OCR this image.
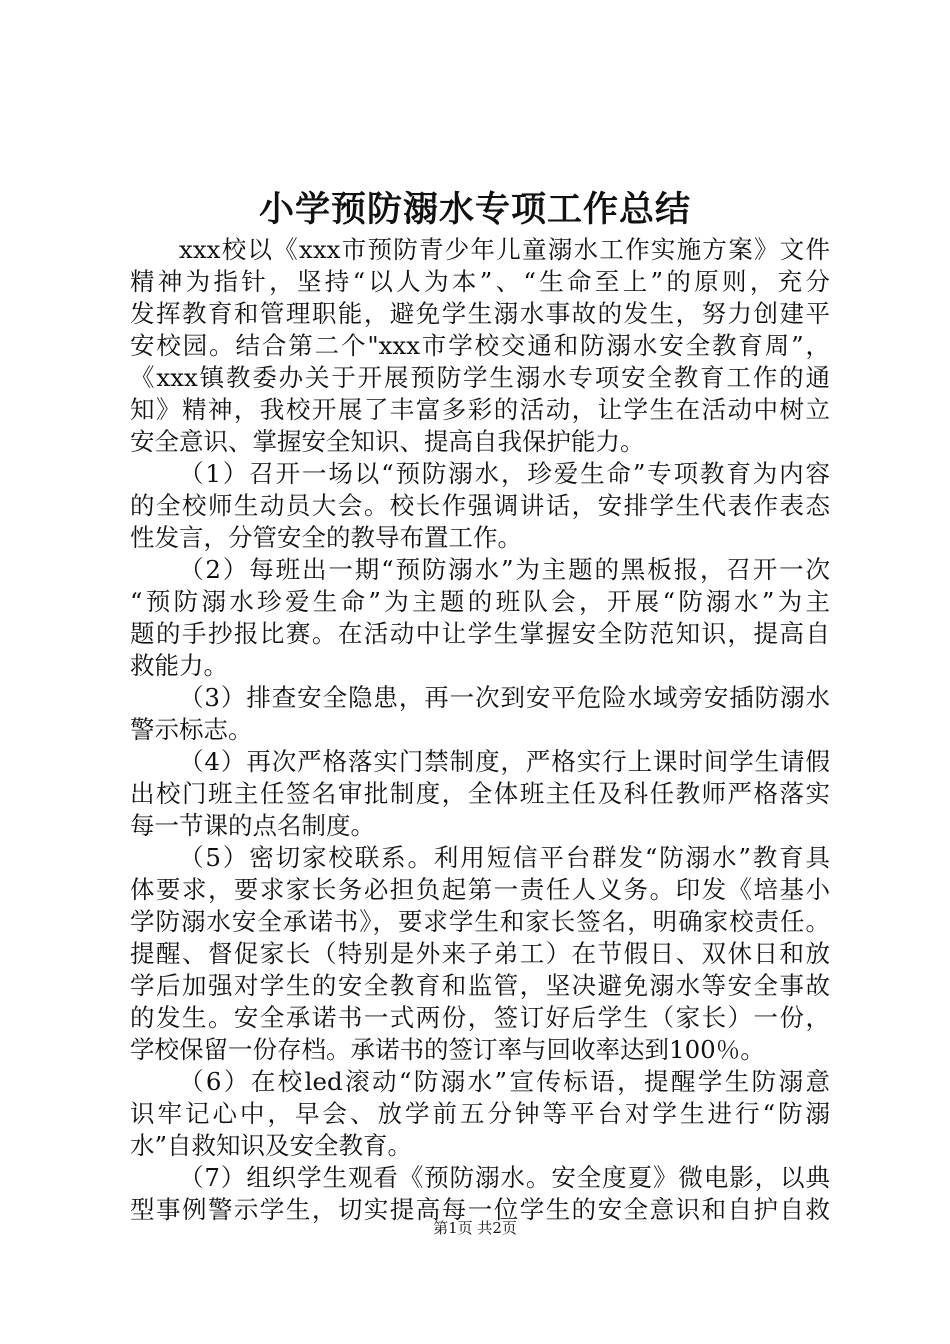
小学预防溺水专项工作总结
xxx校以《xxx市预防青少年儿童溺水工作实施方案》文件
精神为指针，坚持“以人为本”、“生命至上”的原则，充分
发挥教育和管理职能，避免学生溺水事故的发生，努力创建平
安校园。结合第二个"xxx市学校交通和防溺水安全教育周”，
《xxx镇教委办关于开展预防学生溺水专项安全教育工作的通
知》精神，我校开展了丰富多彩的活动，让学生在活动中树立
安全意识、掌握安全知识、提高自我保护能力。
（1）召开一场以“预防溺水，珍爱生命”专项教育为内容
的全校师生动员大会。校长作强调讲话，安排学生代表作表态
性发言，分管安全的教导布置工作。
（2）每班出一期“预防溺水”为主题的黑板报，召开一次
“预防溺水珍爱生命”为主题的班队会，开展“防溺水”为主
题的手抄报比赛。在活动中让学生掌握安全防范知识，提高自
救能力。
（3）排查安全隐患，再一次到安平危险水域旁安插防溺水
警示标志。
（4）再次严格落实门禁制度，严格实行上课时间学生请假
出校门班主任签名审批制度，全体班主任及科任教师严格落实
每一节课的点名制度。
（5）密切家校联系。利用短信平台群发“防溺水”教育具
体要求，要求家长务必担负起第一责任人义务。印发《培基小
学防溺水安全承诺书》，要求学生和家长签名，明确家校责任。
提醒、督促家长（特别是外来子弟工）在节假日、双休日和放
学后加强对学生的安全教育和监管，坚决避免溺水等安全事故
的发生。安全承诺书一式两份，签订好后学生（家长）一份，
学校保留一份存档。承诺书的签订率与回收率达到100％。
（6）在校led滚动“防溺水”宣传标语，提醒学生防溺意
识牢记心中，早会、放学前五分钟等平台对学生进行“防溺
水”自救知识及安全教育。
（7）组织学生观看《预防溺水。安全度夏》微电影，以典
型事例警示学生，切实提高每一位学生的安全意识和自护自救
第1页 共2页
